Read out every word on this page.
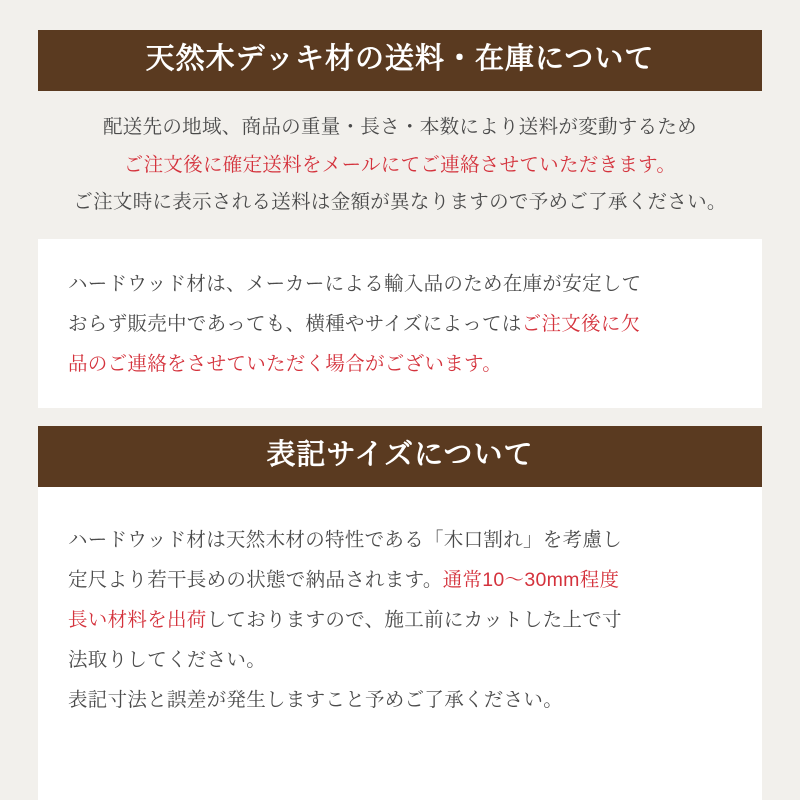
天然木デッキ材の送料・在庫について
配送先の地域、商品の重量・長さ・本数により送料が変動するため
ご注文後に確定送料をメールにてご連絡させていただきます。
ご注文時に表示される送料は金額が異なりますので予めご了承ください。

ハードウッド材は、メーカーによる輸入品のため在庫が安定して

おらず販売中であっても、横種やサイズによってはご注文後に欠

品のご連絡をさせていただく場合がございます。

表記サイズについて

ハードウッド材は天然木材の特性である「木口割れ」を考慮し

定尺より若干長めの状態で納品されます。通常10〜30mm程度

長い材料を出荷しておりますので、施工前にカットした上で寸

法取りしてください。

表記寸法と誤差が発生しますこと予めご了承ください。
